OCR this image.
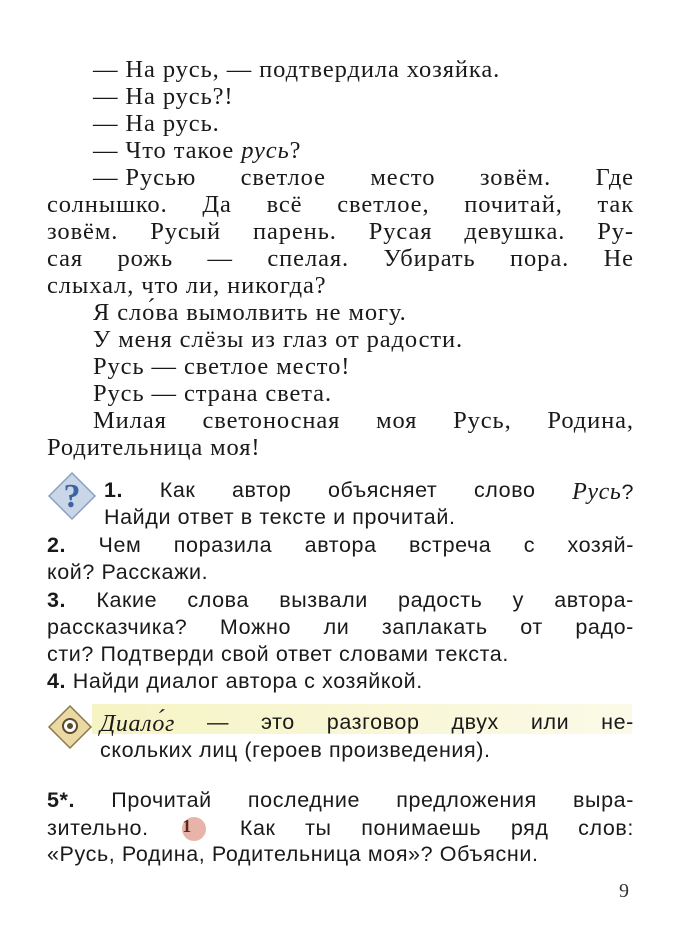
— На русь, — подтвердила хозяйка.
— На русь?!
— На русь.
— Что такое русь?
— Русью светлое место зовём. Где
солнышко. Да всё светлое, почитай, так
зовём. Русый парень. Русая девушка. Ру-
сая рожь — спелая. Убирать пора. Не
слыхал, что ли, никогда?
Я сло́ва вымолвить не могу.
У меня слёзы из глаз от радости.
Русь — светлое место!
Русь — страна света.
Милая светоносная моя Русь, Родина,
Родительница моя!
? 1. Как автор объясняет слово Русь?
Найди ответ в тексте и прочитай.
2. Чем поразила автора встреча с хозяй-
кой? Расскажи.
3. Какие слова вызвали радость у автора-
рассказчика? Можно ли заплакать от радо-
сти? Подтверди свой ответ словами текста.
4. Найди диалог автора с хозяйкой.
Диало́г — это разговор двух или не-
скольких лиц (героев произведения).
5*. Прочитай последние предложения выра-
зительно. 1	Как ты понимаешь ряд слов:
«Русь, Родина, Родительница моя»? Объясни.
9
